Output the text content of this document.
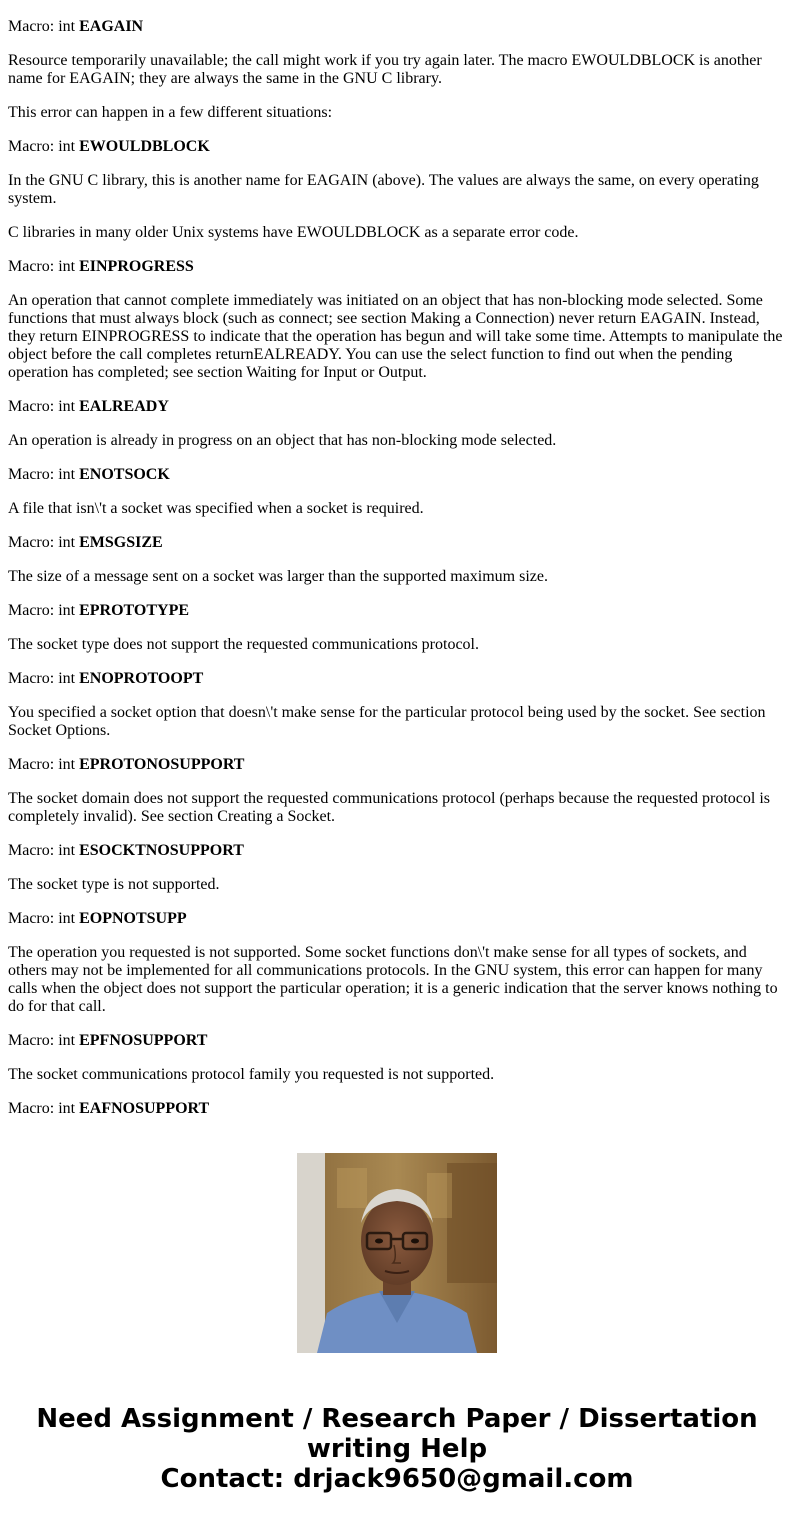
Macro: int EAGAIN

Resource temporarily unavailable; the call might work if you try again later. The macro EWOULDBLOCK is another name for EAGAIN; they are always the same in the GNU C library.

This error can happen in a few different situations:

Macro: int EWOULDBLOCK

In the GNU C library, this is another name for EAGAIN (above). The values are always the same, on every operating system.

C libraries in many older Unix systems have EWOULDBLOCK as a separate error code.

Macro: int EINPROGRESS

An operation that cannot complete immediately was initiated on an object that has non-blocking mode selected. Some functions that must always block (such as connect; see section Making a Connection) never return EAGAIN. Instead, they return EINPROGRESS to indicate that the operation has begun and will take some time. Attempts to manipulate the object before the call completes returnEALREADY. You can use the select function to find out when the pending operation has completed; see section Waiting for Input or Output.

Macro: int EALREADY

An operation is already in progress on an object that has non-blocking mode selected.

Macro: int ENOTSOCK

A file that isn\'t a socket was specified when a socket is required.

Macro: int EMSGSIZE

The size of a message sent on a socket was larger than the supported maximum size.

Macro: int EPROTOTYPE

The socket type does not support the requested communications protocol.

Macro: int ENOPROTOOPT

You specified a socket option that doesn\'t make sense for the particular protocol being used by the socket. See section Socket Options.

Macro: int EPROTONOSUPPORT

The socket domain does not support the requested communications protocol (perhaps because the requested protocol is completely invalid). See section Creating a Socket.

Macro: int ESOCKTNOSUPPORT

The socket type is not supported.

Macro: int EOPNOTSUPP

The operation you requested is not supported. Some socket functions don\'t make sense for all types of sockets, and others may not be implemented for all communications protocols. In the GNU system, this error can happen for many calls when the object does not support the particular operation; it is a generic indication that the server knows nothing to do for that call.

Macro: int EPFNOSUPPORT

The socket communications protocol family you requested is not supported.

Macro: int EAFNOSUPPORT

Need Assignment / Research Paper / Dissertation
writing Help
Contact: drjack9650@gmail.com
